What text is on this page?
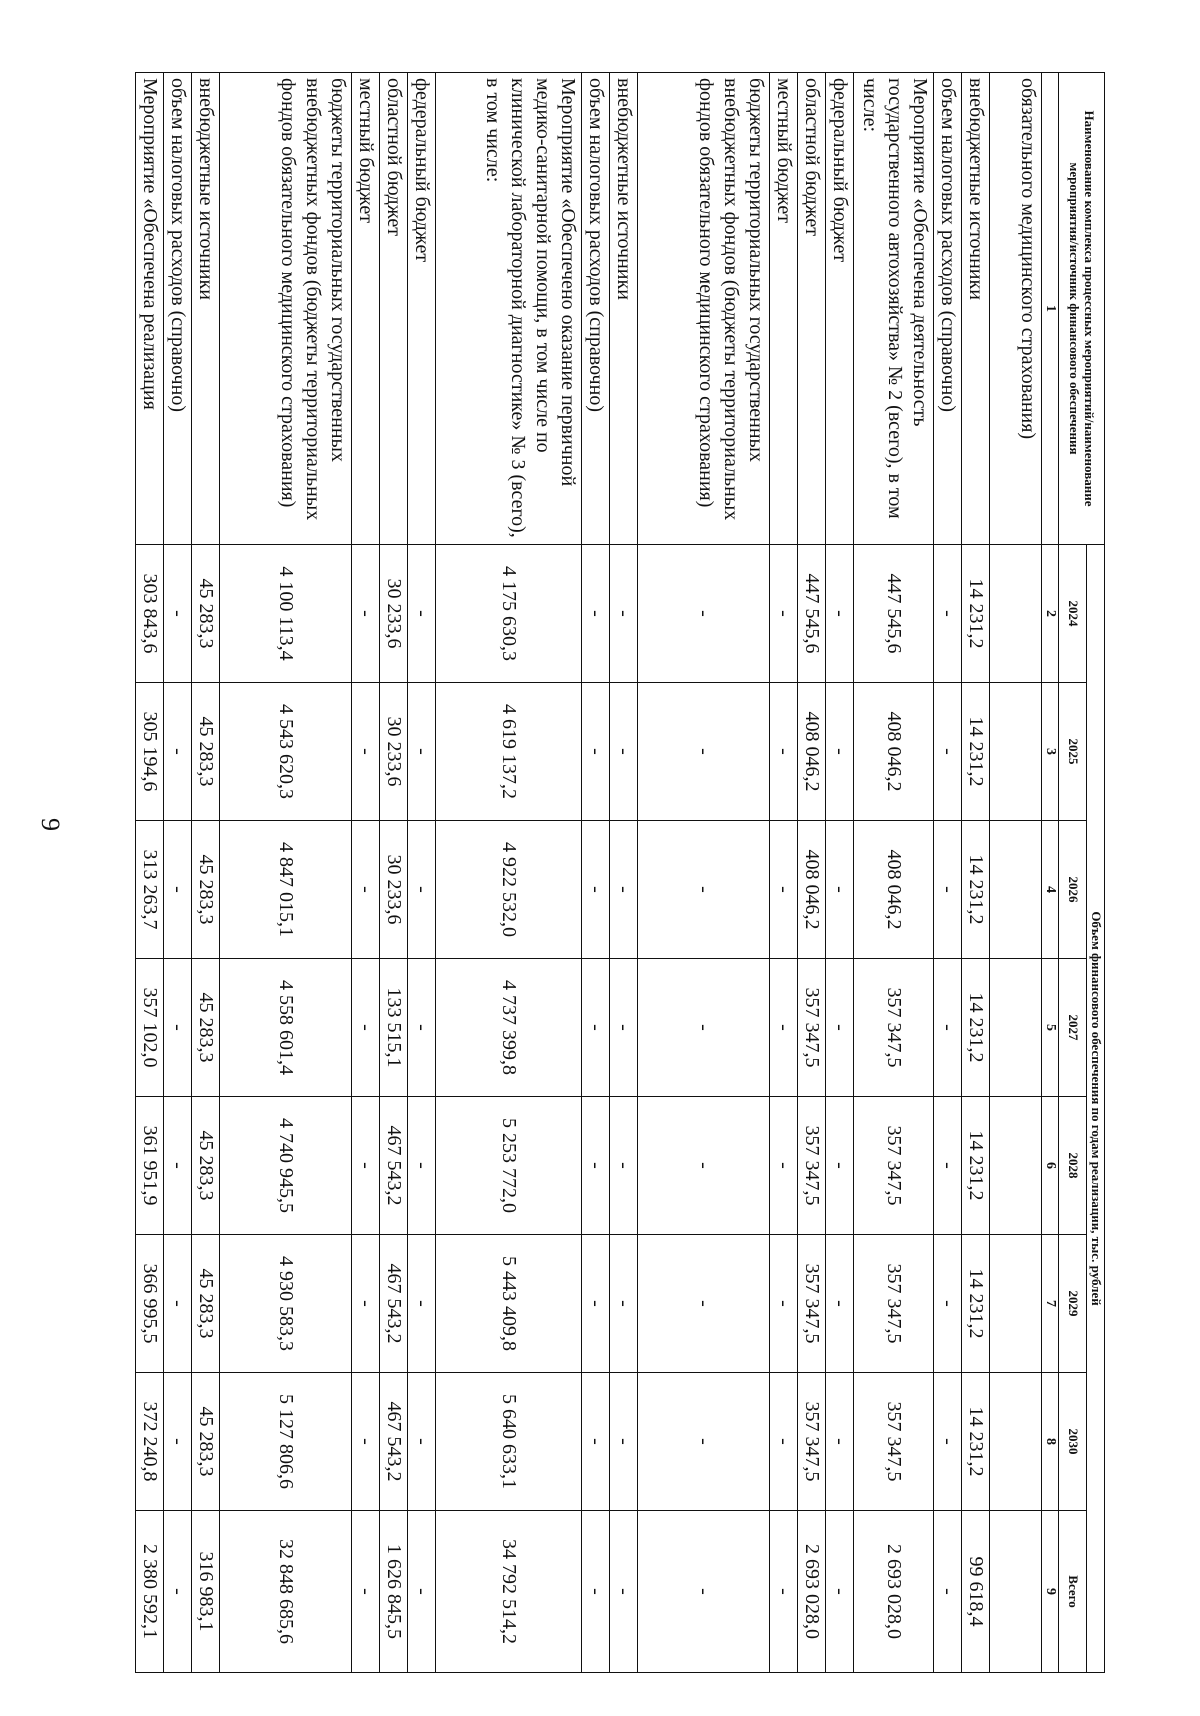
9
Наименование комплекса процессных мероприятий/наименование мероприятия/источник финансового обеспечения	Объем финансового обеспечения по годам реализации, тыс. рублей							
	2024	2025	2026	2027	2028	2029	2030	Всего
1	2	3	4	5	6	7	8	9
обязательного медицинского страхования)								
внебюджетные источники	14 231,2	14 231,2	14 231,2	14 231,2	14 231,2	14 231,2	14 231,2	99 618,4
объем налоговых расходов (справочно)	-	-	-	-	-	-	-	-
Мероприятие «Обеспечена деятельность государственного автохозяйства» № 2 (всего), в том числе:	447 545,6	408 046,2	408 046,2	357 347,5	357 347,5	357 347,5	357 347,5	2 693 028,0
федеральный бюджет	-	-	-	-	-	-	-	-
областной бюджет	447 545,6	408 046,2	408 046,2	357 347,5	357 347,5	357 347,5	357 347,5	2 693 028,0
местный бюджет	-	-	-	-	-	-	-	-
бюджеты территориальных государственных внебюджетных фондов (бюджеты территориальных фондов обязательного медицинского страхования)	-	-	-	-	-	-	-	-
внебюджетные источники	-	-	-	-	-	-	-	-
объем налоговых расходов (справочно)	-	-	-	-	-	-	-	-
Мероприятие «Обеспечено оказание первичной медико-санитарной помощи, в том числе по клинической лабораторной диагностике» № 3 (всего), в том числе:	4 175 630,3	4 619 137,2	4 922 532,0	4 737 399,8	5 253 772,0	5 443 409,8	5 640 633,1	34 792 514,2
федеральный бюджет	-	-	-	-	-	-	-	-
областной бюджет	30 233,6	30 233,6	30 233,6	133 515,1	467 543,2	467 543,2	467 543,2	1 626 845,5
местный бюджет	-	-	-	-	-	-	-	-
бюджеты территориальных государственных внебюджетных фондов (бюджеты территориальных фондов обязательного медицинского страхования)	4 100 113,4	4 543 620,3	4 847 015,1	4 558 601,4	4 740 945,5	4 930 583,3	5 127 806,6	32 848 685,6
внебюджетные источники	45 283,3	45 283,3	45 283,3	45 283,3	45 283,3	45 283,3	45 283,3	316 983,1
объем налоговых расходов (справочно)	-	-	-	-	-	-	-	-
Мероприятие «Обеспечена реализация	303 843,6	305 194,6	313 263,7	357 102,0	361 951,9	366 995,5	372 240,8	2 380 592,1
